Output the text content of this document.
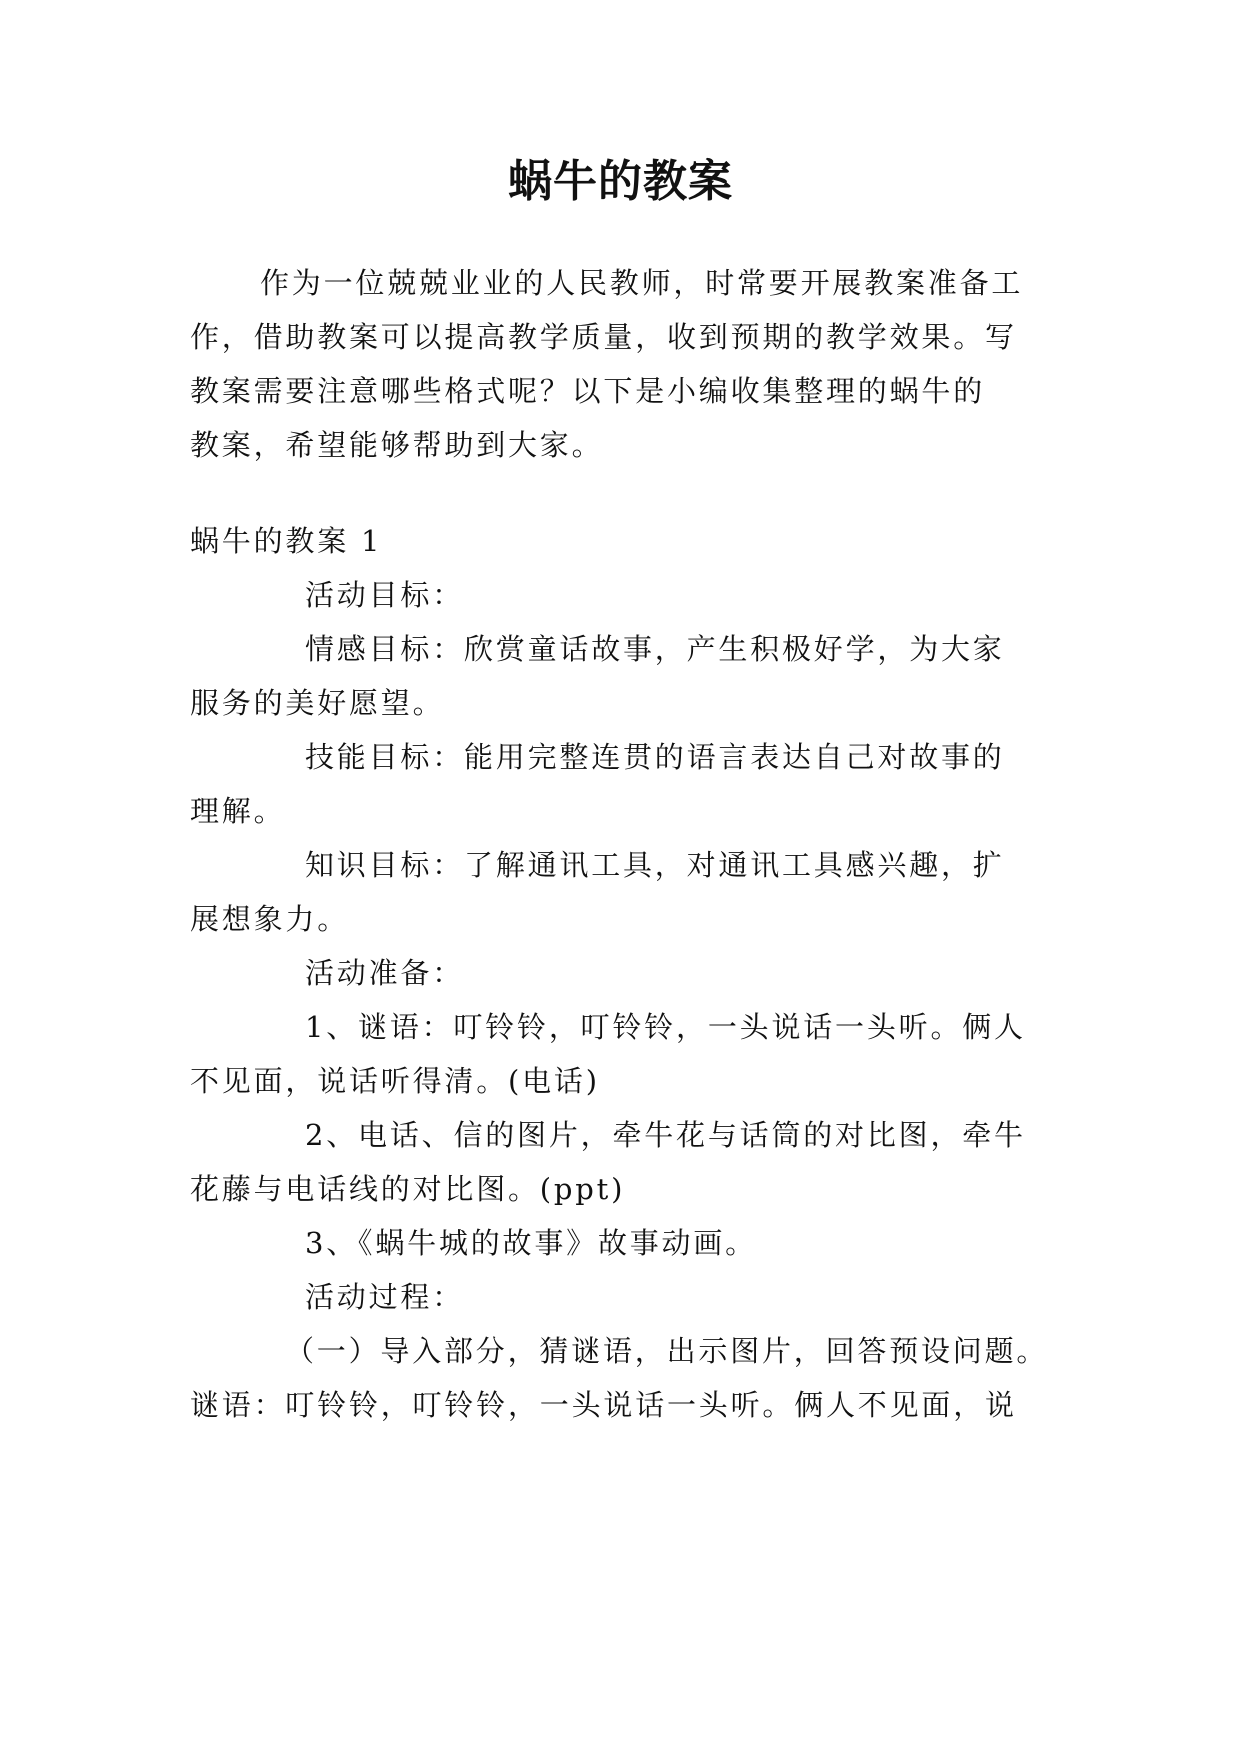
蜗牛的教案
作为一位兢兢业业的人民教师，时常要开展教案准备工
作，借助教案可以提高教学质量，收到预期的教学效果。写
教案需要注意哪些格式呢？以下是小编收集整理的蜗牛的
教案，希望能够帮助到大家。
蜗牛的教案 1
活动目标：
情感目标：欣赏童话故事，产生积极好学，为大家
服务的美好愿望。
技能目标：能用完整连贯的语言表达自己对故事的
理解。
知识目标：了解通讯工具，对通讯工具感兴趣，扩
展想象力。
活动准备：
1、谜语：叮铃铃，叮铃铃，一头说话一头听。俩人
不见面，说话听得清。(电话)
2、电话、信的图片，牵牛花与话筒的对比图，牵牛
花藤与电话线的对比图。(ppt)
3、《蜗牛城的故事》故事动画。
活动过程：
（一）导入部分，猜谜语，出示图片，回答预设问题。
谜语：叮铃铃，叮铃铃，一头说话一头听。俩人不见面，说
